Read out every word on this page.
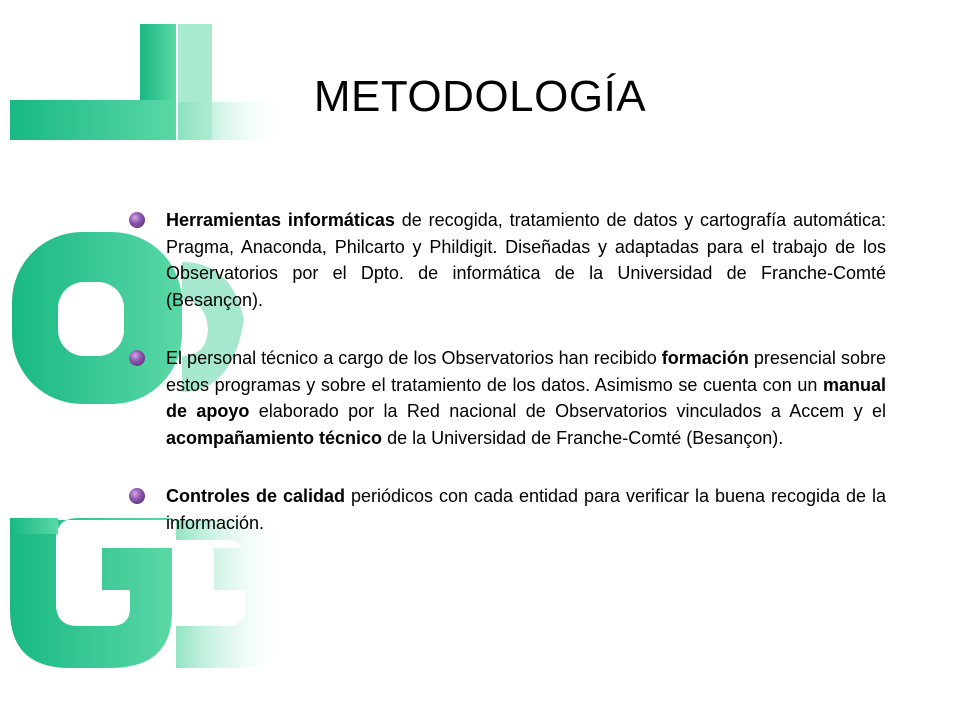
METODOLOGÍA
Herramientas informáticas de recogida, tratamiento de datos y cartografía automática: Pragma, Anaconda, Philcarto y Phildigit. Diseñadas y adaptadas para el trabajo de los Observatorios por el Dpto. de informática de la Universidad de Franche-Comté (Besançon).
El personal técnico a cargo de los Observatorios han recibido formación presencial sobre estos programas y sobre el tratamiento de los datos. Asimismo se cuenta con un manual de apoyo elaborado por la Red nacional de Observatorios vinculados a Accem y el acompañamiento técnico de la Universidad de Franche-Comté (Besançon).
Controles de calidad periódicos con cada entidad para verificar la buena recogida de la información.
